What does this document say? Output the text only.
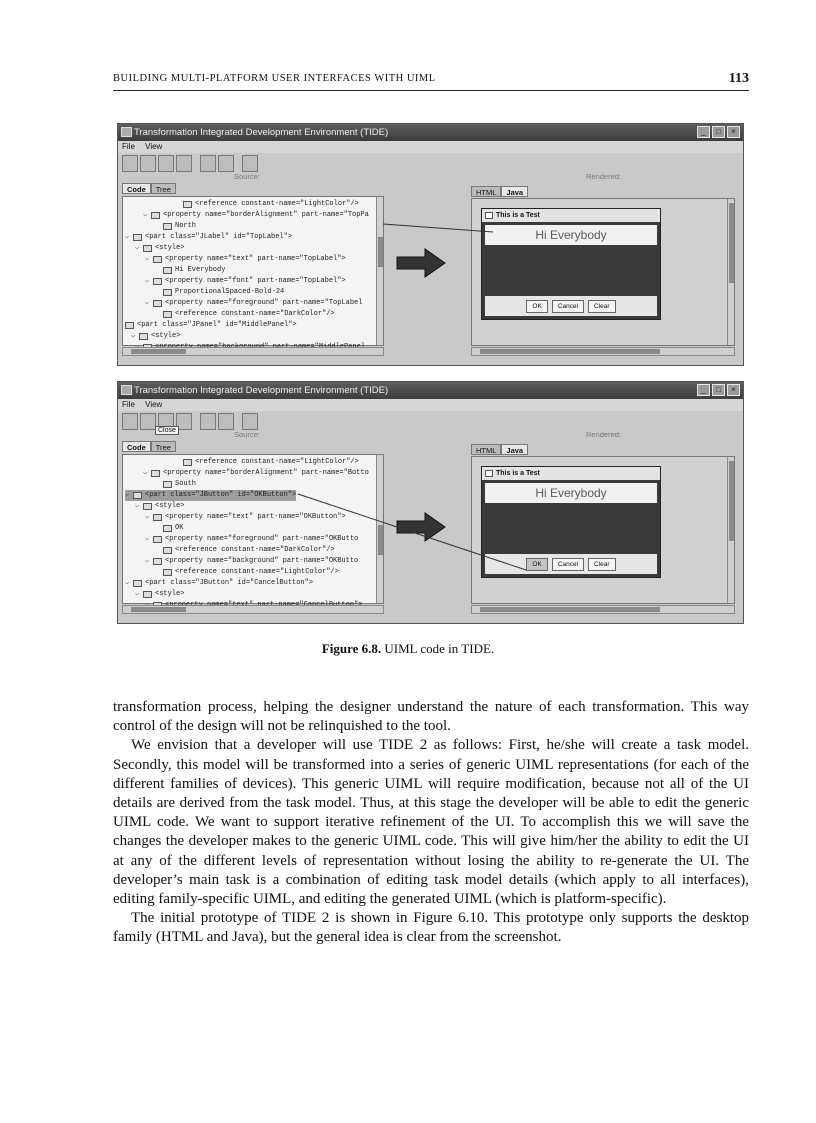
BUILDING MULTI-PLATFORM USER INTERFACES WITH UIML	113
Transformation Integrated Development Environment (TIDE)	_	□	×
File View
Source:	Rendered:
Code	Tree	HTML	Java
<reference constant-name="LightColor"/>
⌵ <property name="borderAlignment" part-name="TopPa
North
⌵ <part class="JLabel" id="TopLabel">
⌵ <style>
⌵ <property name="text" part-name="TopLabel">
Hi Everybody
⌵ <property name="font" part-name="TopLabel">
ProportionalSpaced-Bold-24
⌵ <property name="foreground" part-name="TopLabel
<reference constant-name="DarkColor"/>
<part class="JPanel" id="MiddlePanel">
⌵ <style>
This is a Test
Hi Everybody
OK	Cancel	Clear
Transformation Integrated Development Environment (TIDE)	_	□	×
File View
Close	Source:	Rendered:
Code	Tree	HTML	Java
<reference constant-name="LightColor"/>
⌵ <property name="borderAlignment" part-name="Botto
South
⌵ <part class="JButton" id="OKButton">
⌵ <style>
⌵ <property name="text" part-name="OKButton">
OK
⌵ <property name="foreground" part-name="OKButto
<reference constant-name="DarkColor"/>
⌵ <property name="background" part-name="OKButto
<reference constant-name="LightColor"/>
⌵ <part class="JButton" id="CancelButton">
⌵ <style>
This is a Test
Hi Everybody
OK	Cancel	Clear
Figure 6.8. UIML code in TIDE.

transformation process, helping the designer understand the nature of each transformation. This way control of the design will not be relinquished to the tool.

We envision that a developer will use TIDE 2 as follows: First, he/she will create a task model. Secondly, this model will be transformed into a series of generic UIML representations (for each of the different families of devices). This generic UIML will require modification, because not all of the UI details are derived from the task model. Thus, at this stage the developer will be able to edit the generic UIML code. We want to support iterative refinement of the UI. To accomplish this we will save the changes the developer makes to the generic UIML code. This will give him/her the ability to edit the UI at any of the different levels of representation without losing the ability to re-generate the UI. The developer’s main task is a combination of editing task model details (which apply to all interfaces), editing family-specific UIML, and editing the generated UIML (which is platform-specific).

The initial prototype of TIDE 2 is shown in Figure 6.10. This prototype only supports the desktop family (HTML and Java), but the general idea is clear from the screenshot.
